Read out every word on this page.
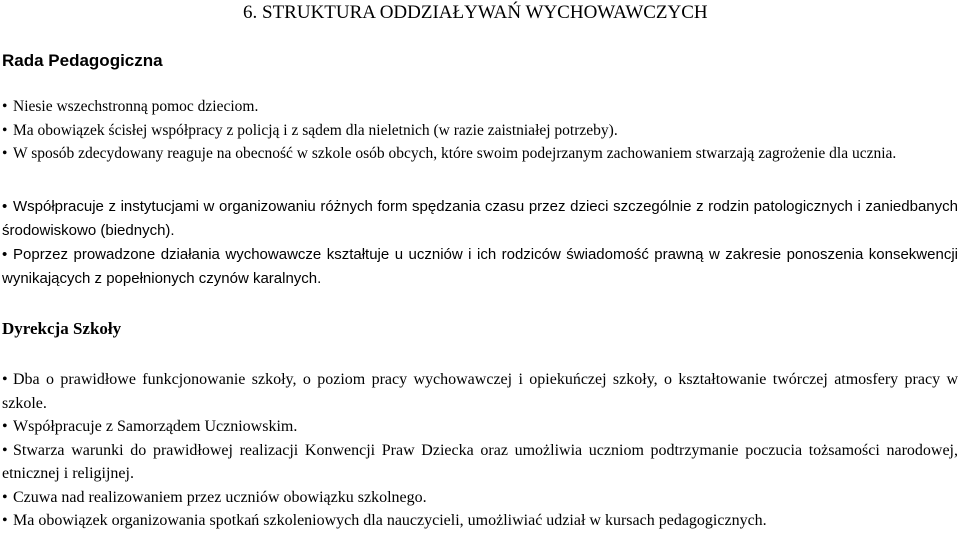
6. STRUKTURA ODDZIAŁYWAŃ WYCHOWAWCZYCH
Rada Pedagogiczna
• Niesie wszechstronną pomoc dzieciom.
• Ma obowiązek ścisłej współpracy z policją i z sądem dla nieletnich (w razie zaistniałej potrzeby).
• W sposób zdecydowany reaguje na obecność w szkole osób obcych, które swoim podejrzanym zachowaniem stwarzają zagrożenie dla ucznia.
• Współpracuje z instytucjami w organizowaniu różnych form spędzania czasu przez dzieci szczególnie z rodzin patologicznych i zaniedbanych środowiskowo (biednych).
• Poprzez prowadzone działania wychowawcze kształtuje u uczniów i ich rodziców świadomość prawną w zakresie ponoszenia konsekwencji wynikających z popełnionych czynów karalnych.
Dyrekcja Szkoły
• Dba o prawidłowe funkcjonowanie szkoły, o poziom pracy wychowawczej i opiekuńczej szkoły, o kształtowanie twórczej atmosfery pracy w szkole.
• Współpracuje z Samorządem Uczniowskim.
• Stwarza warunki do prawidłowej realizacji Konwencji Praw Dziecka oraz umożliwia uczniom podtrzymanie poczucia tożsamości narodowej, etnicznej i religijnej.
• Czuwa nad realizowaniem przez uczniów obowiązku szkolnego.
• Ma obowiązek organizowania spotkań szkoleniowych dla nauczycieli, umożliwiać udział w kursach pedagogicznych.
